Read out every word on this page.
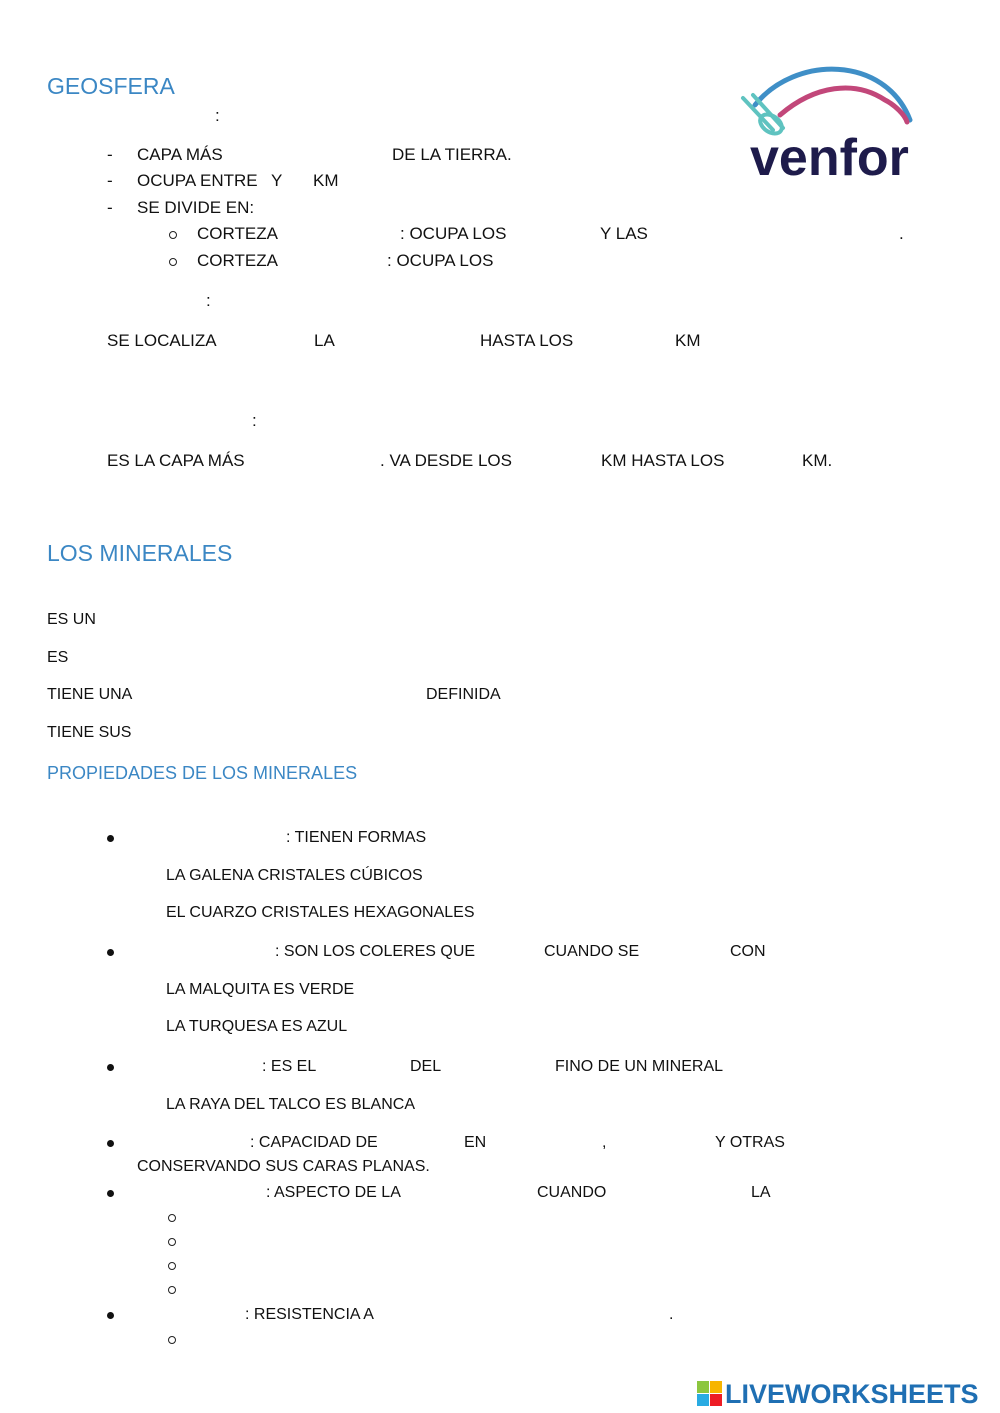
venfor
GEOSFERA
:
- CAPA MÁS	DE LA TIERRA.
- OCUPA ENTRE Y KM
- SE DIVIDE EN:
CORTEZA	: OCUPA LOS	Y LAS	.
CORTEZA	: OCUPA LOS
:
SE LOCALIZA	LA	HASTA LOS	KM
:
ES LA CAPA MÁS	. VA DESDE LOS	KM HASTA LOS	KM.
LOS MINERALES
ES UN
ES
TIENE UNA	DEFINIDA
TIENE SUS
PROPIEDADES DE LOS MINERALES
: TIENEN FORMAS
LA GALENA CRISTALES CÚBICOS
EL CUARZO CRISTALES HEXAGONALES
: SON LOS COLERES QUE	CUANDO SE	CON
LA MALQUITA ES VERDE
LA TURQUESA ES AZUL
: ES EL	DEL	FINO DE UN MINERAL
LA RAYA DEL TALCO ES BLANCA
: CAPACIDAD DE	EN	,	Y OTRAS
CONSERVANDO SUS CARAS PLANAS.
: ASPECTO DE LA	CUANDO	LA
: RESISTENCIA A	.
LIVEWORKSHEETS
